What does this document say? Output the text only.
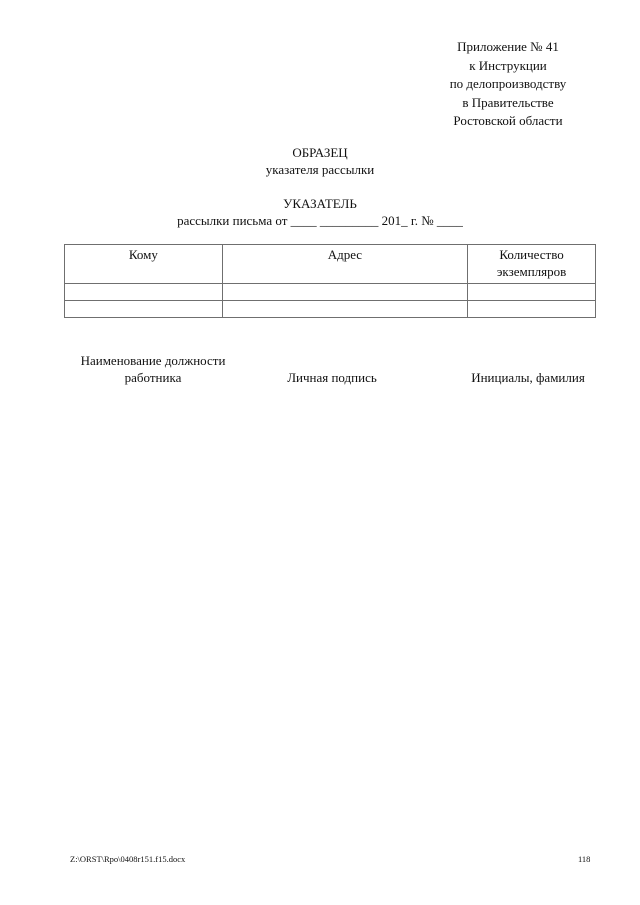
Приложение № 41
к Инструкции
по делопроизводству
в Правительстве
Ростовской области
ОБРАЗЕЦ
указателя рассылки
УКАЗАТЕЛЬ
рассылки письма от ____ _________ 201_ г. № ____
Кому	Адрес	Количество экземпляров

Наименование должности работника	Личная подпись	Инициалы, фамилия
Z:\ORST\Rpo\0408r151.f15.docx	118
